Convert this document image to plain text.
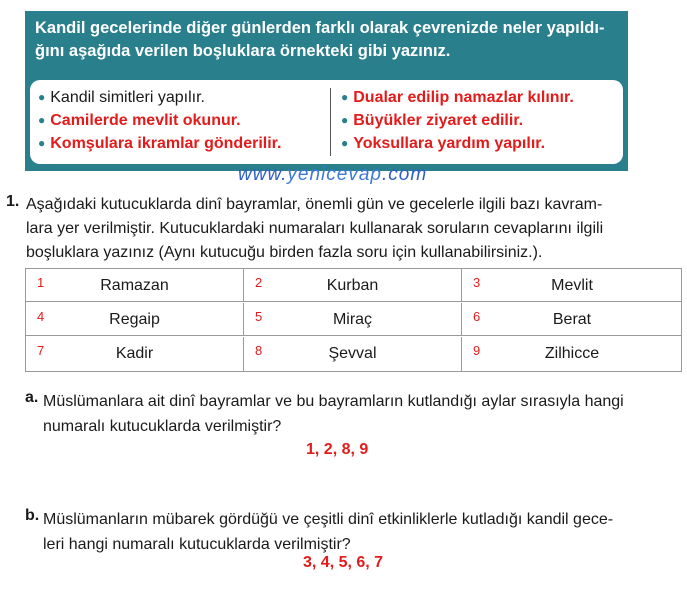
Kandil gecelerinde diğer günlerden farklı olarak çevrenizde neler yapıldı-
ğını aşağıda verilen boşluklara örnekteki gibi yazınız.
● Kandil simitleri yapılır.
● Camilerde mevlit okunur.
● Komşulara ikramlar gönderilir.
● Dualar edilip namazlar kılınır.
● Büyükler ziyaret edilir.
● Yoksullara yardım yapılır.
www.yenicevap.com
1. Aşağıdaki kutucuklarda dinî bayramlar, önemli gün ve gecelerle ilgili bazı kavram-
lara yer verilmiştir. Kutucuklardaki numaraları kullanarak soruların cevaplarını ilgili
boşluklara yazınız (Aynı kutucuğu birden fazla soru için kullanabilirsiniz.).
1	Ramazan	2	Kurban	3	Mevlit
4	Regaip	5	Miraç	6	Berat
7	Kadir	8	Şevval	9	Zilhicce
a. Müslümanlara ait dinî bayramlar ve bu bayramların kutlandığı aylar sırasıyla hangi
numaralı kutucuklarda verilmiştir?
1, 2, 8, 9
b. Müslümanların mübarek gördüğü ve çeşitli dinî etkinliklerle kutladığı kandil gece-
leri hangi numaralı kutucuklarda verilmiştir?
3, 4, 5, 6, 7
